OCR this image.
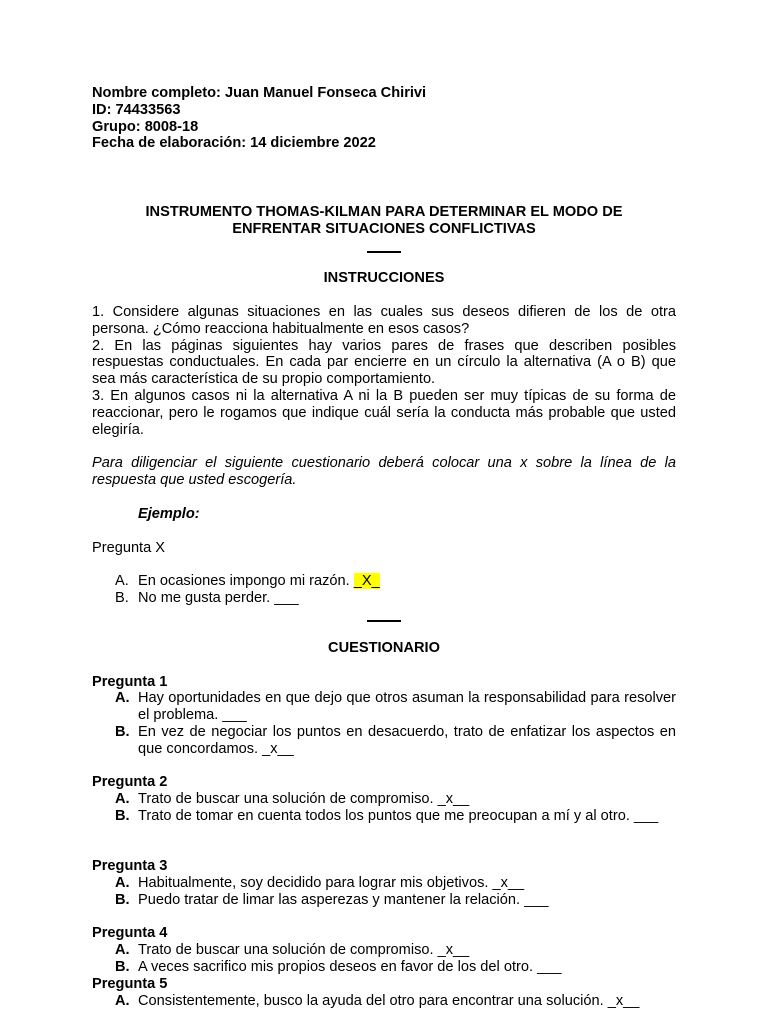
Nombre completo: Juan Manuel Fonseca Chirivi
ID: 74433563
Grupo: 8008-18
Fecha de elaboración: 14 diciembre 2022
INSTRUMENTO THOMAS-KILMAN PARA DETERMINAR EL MODO DE
ENFRENTAR SITUACIONES CONFLICTIVAS
INSTRUCCIONES

1. Considere algunas situaciones en las cuales sus deseos difieren de los de otra persona. ¿Cómo reacciona habitualmente en esos casos?

2. En las páginas siguientes hay varios pares de frases que describen posibles respuestas conductuales. En cada par encierre en un círculo la alternativa (A o B) que sea más característica de su propio comportamiento.

3. En algunos casos ni la alternativa A ni la B pueden ser muy típicas de su forma de reaccionar, pero le rogamos que indique cuál sería la conducta más probable que usted elegiría.

Para diligenciar el siguiente cuestionario deberá colocar una x sobre la línea de la respuesta que usted escogería.
Ejemplo:
Pregunta X
A. En ocasiones impongo mi razón. _X_
B. No me gusta perder. ___
CUESTIONARIO
Pregunta 1
A. Hay oportunidades en que dejo que otros asuman la responsabilidad para resolver el problema. ___
B. En vez de negociar los puntos en desacuerdo, trato de enfatizar los aspectos en que concordamos. _x__
Pregunta 2
A. Trato de buscar una solución de compromiso. _x__
B. Trato de tomar en cuenta todos los puntos que me preocupan a mí y al otro. ___
Pregunta 3
A. Habitualmente, soy decidido para lograr mis objetivos. _x__
B. Puedo tratar de limar las asperezas y mantener la relación. ___
Pregunta 4
A. Trato de buscar una solución de compromiso. _x__
B. A veces sacrifico mis propios deseos en favor de los del otro. ___
Pregunta 5
A. Consistentemente, busco la ayuda del otro para encontrar una solución. _x__
